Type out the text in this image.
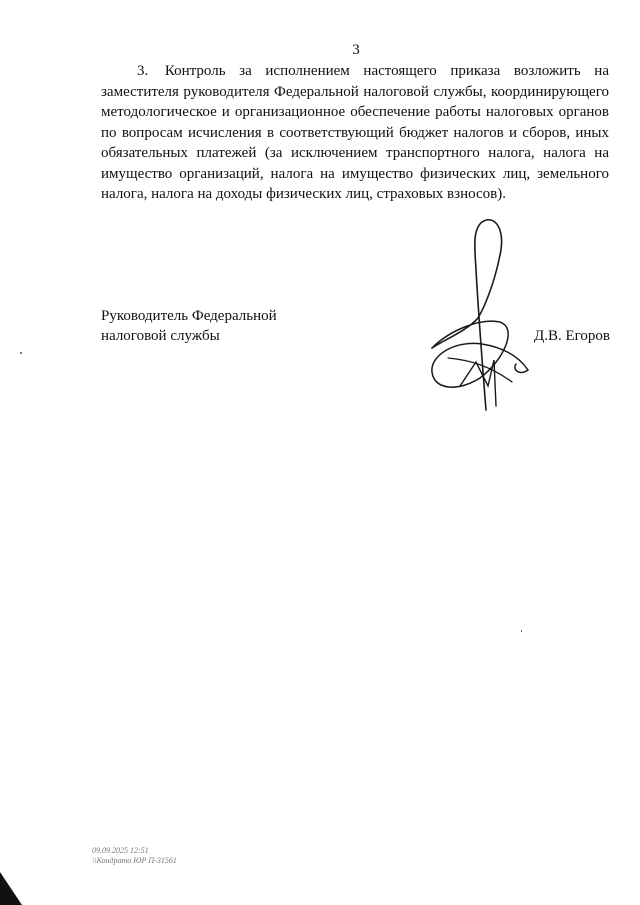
3

3. Контроль за исполнением настоящего приказа возложить на заместителя руководителя Федеральной налоговой службы, координирующего методологическое и организационное обеспечение работы налоговых органов по вопросам исчисления в соответствующий бюджет налогов и сборов, иных обязательных платежей (за исключением транспортного налога, налога на имущество организаций, налога на имущество физических лиц, земельного налога, налога на доходы физических лиц, страховых взносов).

Руководитель Федеральной
налоговой службы	Д.В. Егоров
09.09.2025 12:51
\\Кондрато ЮР П-31561
